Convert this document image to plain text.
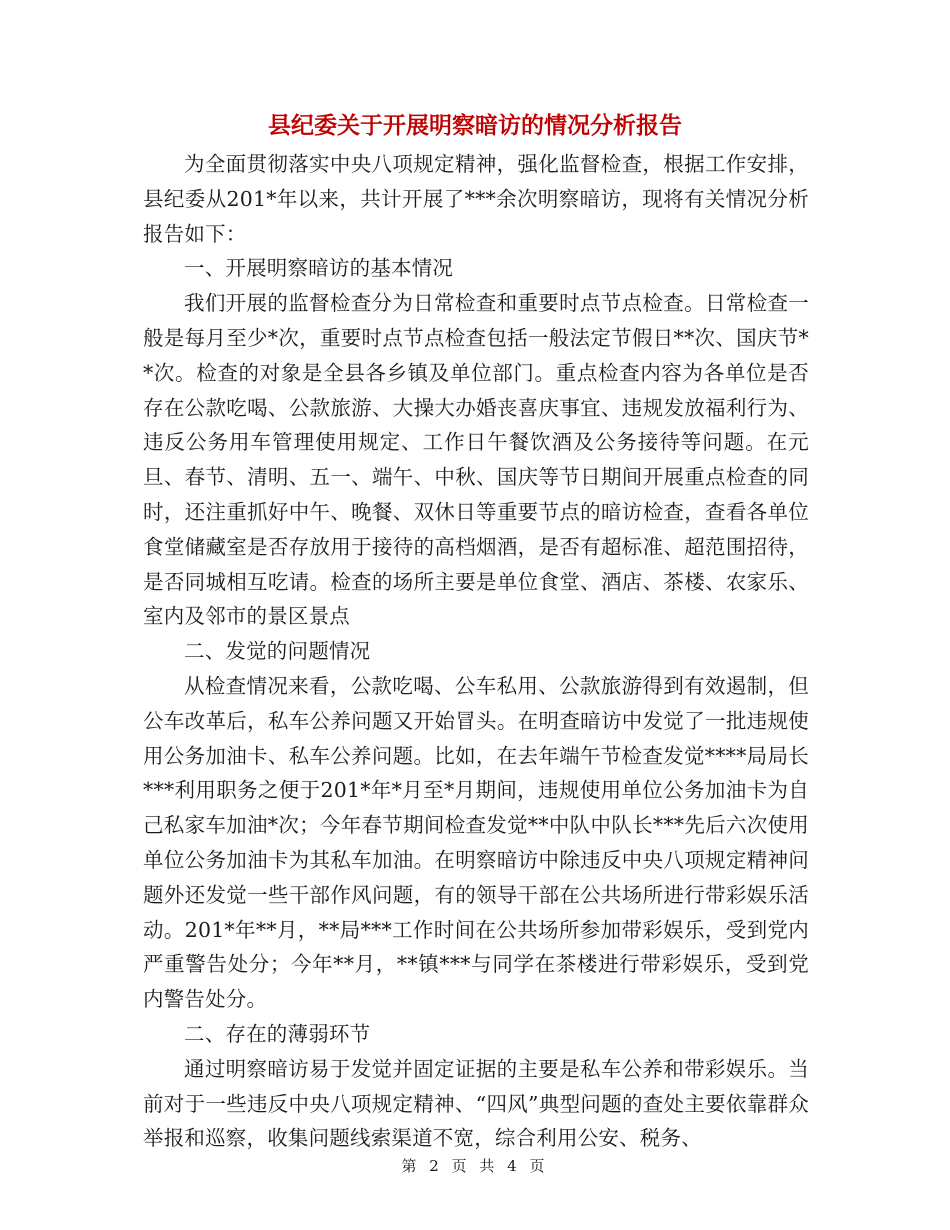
县纪委关于开展明察暗访的情况分析报告

为全面贯彻落实中央八项规定精神，强化监督检查，根据工作安排，县纪委从201*年以来，共计开展了***余次明察暗访，现将有关情况分析报告如下：

一、开展明察暗访的基本情况

我们开展的监督检查分为日常检查和重要时点节点检查。日常检查一般是每月至少*次，重要时点节点检查包括一般法定节假日**次、国庆节**次。检查的对象是全县各乡镇及单位部门。重点检查内容为各单位是否存在公款吃喝、公款旅游、大操大办婚丧喜庆事宜、违规发放福利行为、违反公务用车管理使用规定、工作日午餐饮酒及公务接待等问题。在元旦、春节、清明、五一、端午、中秋、国庆等节日期间开展重点检查的同时，还注重抓好中午、晚餐、双休日等重要节点的暗访检查，查看各单位食堂储藏室是否存放用于接待的高档烟酒，是否有超标准、超范围招待，是否同城相互吃请。检查的场所主要是单位食堂、酒店、茶楼、农家乐、室内及邻市的景区景点

二、发觉的问题情况

从检查情况来看，公款吃喝、公车私用、公款旅游得到有效遏制，但公车改革后，私车公养问题又开始冒头。在明查暗访中发觉了一批违规使用公务加油卡、私车公养问题。比如，在去年端午节检查发觉****局局长***利用职务之便于201*年*月至*月期间，违规使用单位公务加油卡为自己私家车加油*次；今年春节期间检查发觉**中队中队长***先后六次使用单位公务加油卡为其私车加油。在明察暗访中除违反中央八项规定精神问题外还发觉一些干部作风问题，有的领导干部在公共场所进行带彩娱乐活动。201*年**月，**局***工作时间在公共场所参加带彩娱乐，受到党内严重警告处分；今年**月，**镇***与同学在茶楼进行带彩娱乐，受到党内警告处分。

二、存在的薄弱环节

通过明察暗访易于发觉并固定证据的主要是私车公养和带彩娱乐。当前对于一些违反中央八项规定精神、“四风”典型问题的查处主要依靠群众举报和巡察，收集问题线索渠道不宽，综合利用公安、税务、

第 2 页 共 4 页
